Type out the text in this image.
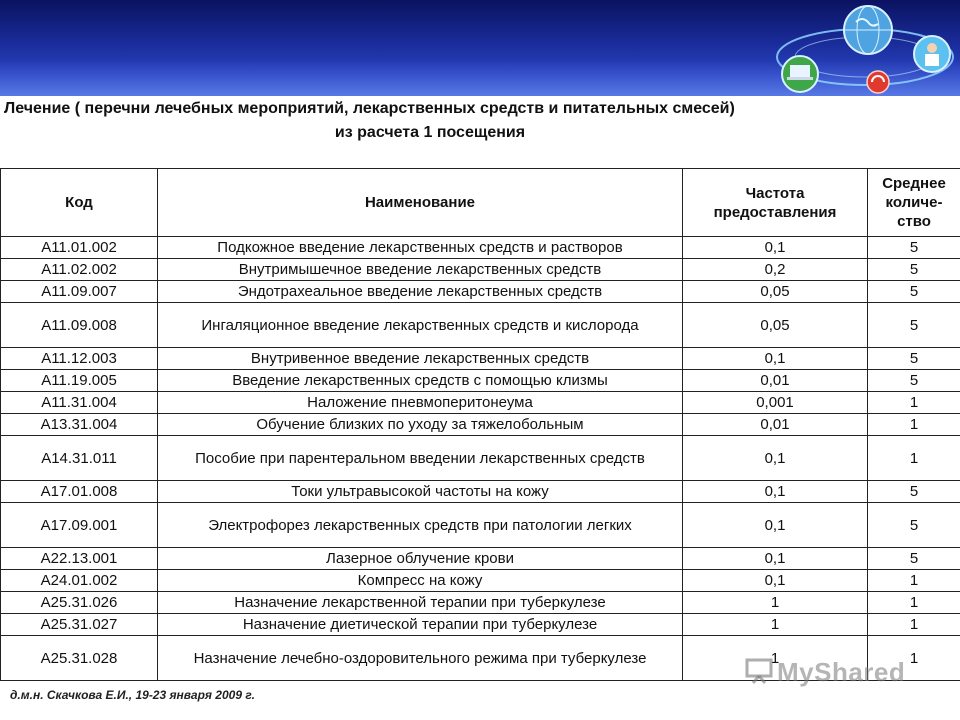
Лечение ( перечни лечебных мероприятий, лекарственных средств и питательных смесей)
из расчета 1 посещения
Код	Наименование	Частота предоставления	Среднее количе-ство
А11.01.002	Подкожное введение лекарственных средств и растворов	0,1	5
А11.02.002	Внутримышечное введение лекарственных средств	0,2	5
А11.09.007	Эндотрахеальное введение лекарственных средств	0,05	5
А11.09.008	Ингаляционное введение лекарственных средств и кислорода	0,05	5
А11.12.003	Внутривенное введение лекарственных средств	0,1	5
А11.19.005	Введение лекарственных средств с помощью клизмы	0,01	5
А11.31.004	Наложение пневмоперитонеума	0,001	1
А13.31.004	Обучение близких по уходу за тяжелобольным	0,01	1
А14.31.011	Пособие при парентеральном введении лекарственных средств	0,1	1
А17.01.008	Токи ультравысокой частоты на кожу	0,1	5
А17.09.001	Электрофорез лекарственных средств при патологии легких	0,1	5
А22.13.001	Лазерное облучение крови	0,1	5
А24.01.002	Компресс на кожу	0,1	1
А25.31.026	Назначение лекарственной терапии при туберкулезе	1	1
А25.31.027	Назначение диетической терапии при туберкулезе	1	1
А25.31.028	Назначение лечебно-оздоровительного режима при туберкулезе	1	1
д.м.н. Скачкова Е.И., 19-23 января 2009 г.
MyShared
